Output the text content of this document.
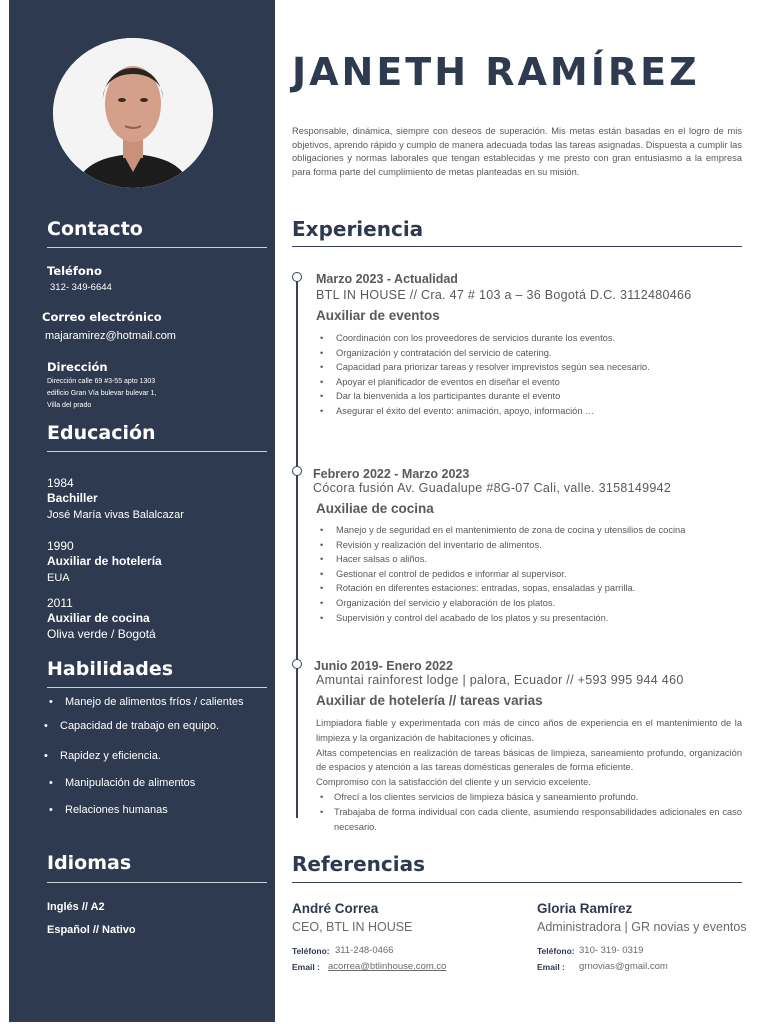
Contacto
Teléfono
312- 349-6644
Correo electrónico
majaramirez@hotmail.com
Dirección
Dirección calle 69 #3-55 apto 1303
edificio Gran Vía bulevar bulevar 1,
Villa del prado
Educación
1984
Bachiller
José María vivas Balalcazar
1990
Auxiliar de hotelería
EUA
2011
Auxiliar de cocina
Oliva verde / Bogotá
Habilidades
• Manejo de alimentos fríos / calientes
• Capacidad de trabajo en equipo.
• Rapidez y eficiencia.
• Manipulación de alimentos
• Relaciones humanas
Idiomas
Inglés // A2
Español // Nativo
JANETH RAMÍREZ
Responsable, dinámica, siempre con deseos de superación. Mis metas están basadas en el logro de mis objetivos, aprendo rápido y cumplo de manera adecuada todas las tareas asignadas. Dispuesta a cumplir las obligaciones y normas laborales que tengan establecidas y me presto con gran entusiasmo a la empresa para forma parte del cumplimiento de metas planteadas en su misión.
Experiencia
Marzo 2023 - Actualidad
BTL IN HOUSE // Cra. 47 # 103 a – 36 Bogotá D.C. 3112480466
Auxiliar de eventos
• Coordinación con los proveedores de servicios durante los eventos.
• Organización y contratación del servicio de catering.
• Capacidad para priorizar tareas y resolver imprevistos según sea necesario.
• Apoyar el planificador de eventos en diseñar el evento
• Dar la bienvenida a los participantes durante el evento
• Asegurar el éxito del evento: animación, apoyo, información …
Febrero 2022 - Marzo 2023
Cócora fusión Av. Guadalupe #8G-07 Cali, valle. 3158149942
Auxiliae de cocina
• Manejo y de seguridad en el mantenimiento de zona de cocina y utensilios de cocina
• Revisión y realización del inventario de alimentos.
• Hacer salsas o aliños.
• Gestionar el control de pedidos e informar al supervisor.
• Rotación en diferentes estaciones: entradas, sopas, ensaladas y parrilla.
• Organización del servicio y elaboración de los platos.
• Supervisión y control del acabado de los platos y su presentación.
Junio 2019- Enero 2022
Amuntai rainforest lodge | palora, Ecuador // +593 995 944 460
Auxiliar de hotelería // tareas varias
Limpiadora fiable y experimentada con más de cinco años de experiencia en el mantenimiento de la limpieza y la organización de habitaciones y oficinas.
Altas competencias en realización de tareas básicas de limpieza, saneamiento profundo, organización de espacios y atención a las tareas domésticas generales de forma eficiente.
Compromiso con la satisfacción del cliente y un servicio excelente.
• Ofrecí a los clientes servicios de limpieza básica y saneamiento profundo.
• Trabajaba de forma individual con cada cliente, asumiendo responsabilidades adicionales en caso necesario.
Referencias
André Correa
CEO, BTL IN HOUSE
Teléfono: 311-248-0466
Email : acorrea@btlinhouse.com.co
Gloria Ramírez
Administradora | GR novias y eventos
Teléfono: 310- 319- 0319
Email : grnovias@gmail.com
